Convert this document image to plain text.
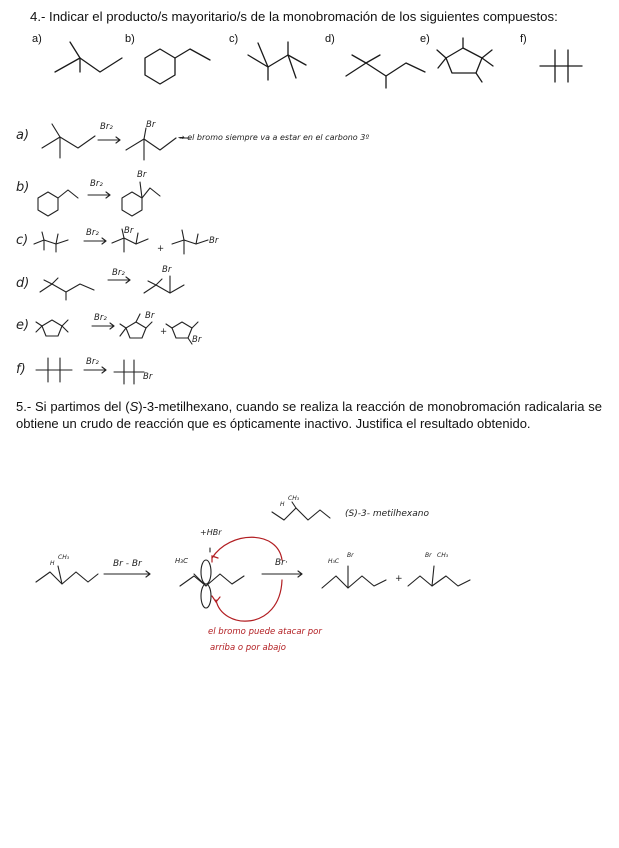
4.- Indicar el producto/s mayoritario/s de la monobromación de los siguientes compuestos:
a)	b)	c)	d)	e)	f)
a)
b)
c)
d)
e)
f)
Br₂
Br₂
Br₂
Br₂
Br₂
Br₂
Br
Br
Br
Br
Br
Br
Br
Br
+
+
→ el bromo siempre va a estar en el carbono 3º

5.- Si partimos del (S)-3-metilhexano, cuando se realiza la reacción de monobromación radicalaria se obtiene un crudo de reacción que es ópticamente inactivo. Justifica el resultado obtenido.

(S)-3- metilhexano
CH₃
H
CH₃
H	Br - Br
+HBr
H₃C	Br·	H₃C
Br
+
Br CH₃
el bromo puede atacar por
arriba o por abajo
